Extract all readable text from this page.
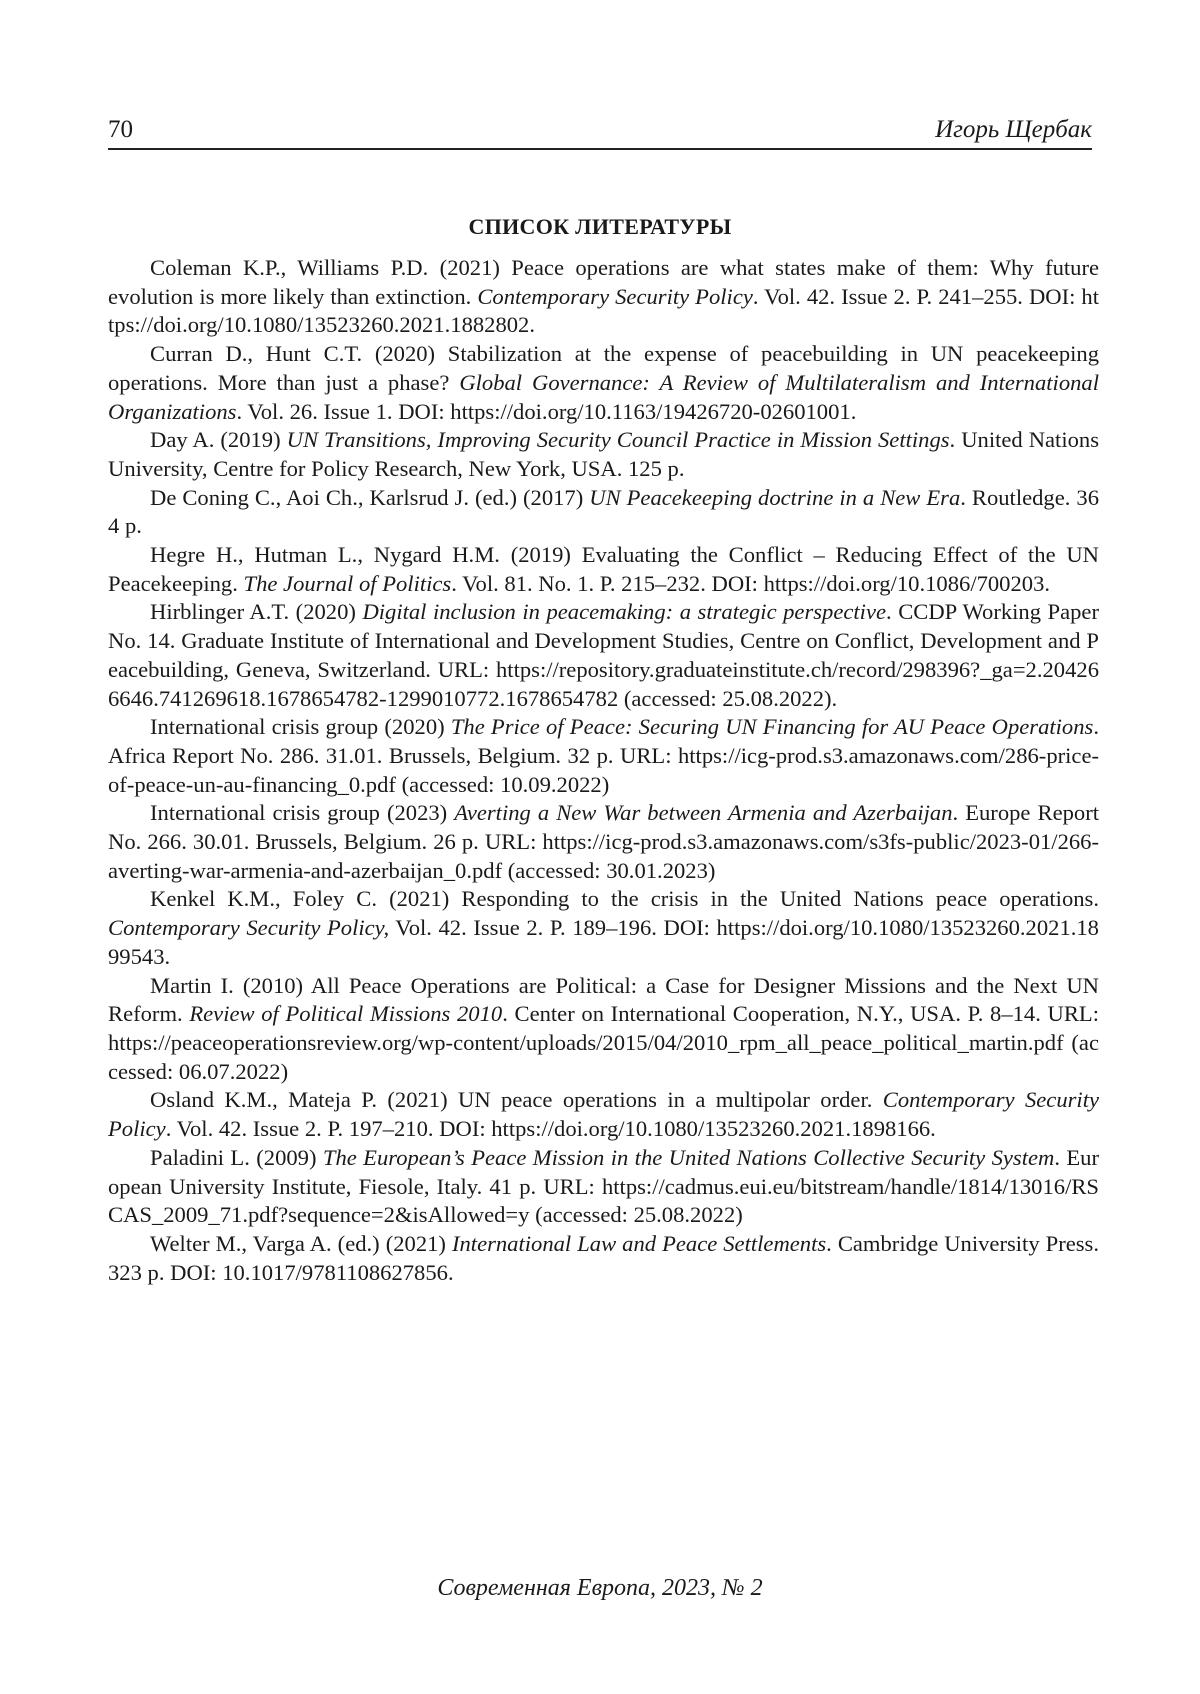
70	Игорь Щербак
СПИСОК ЛИТЕРАТУРЫ

Coleman K.P., Williams P.D. (2021) Peace operations are what states make of them: Why future evolution is more likely than extinction. Contemporary Security Policy. Vol. 42. Issue 2. P. 241–255. DOI: https://doi.org/10.1080/13523260.2021.1882802.

Curran D., Hunt C.T. (2020) Stabilization at the expense of peacebuilding in UN peacekeeping operations. More than just a phase? Global Governance: A Review of Multilateralism and International Organizations. Vol. 26. Issue 1. DOI: https://doi.org/10.1163/19426720-02601001.

Day A. (2019) UN Transitions, Improving Security Council Practice in Mission Settings. United Nations University, Centre for Policy Research, New York, USA. 125 p.

De Coning C., Aoi Ch., Karlsrud J. (ed.) (2017) UN Peacekeeping doctrine in a New Era. Routledge. 364 p.

Hegre H., Hutman L., Nygard H.M. (2019) Evaluating the Conflict – Reducing Effect of the UN Peacekeeping. The Journal of Politics. Vol. 81. No. 1. P. 215–232. DOI: https://doi.org/10.1086/700203.

Hirblinger A.T. (2020) Digital inclusion in peacemaking: a strategic perspective. CCDP Working Paper No. 14. Graduate Institute of International and Development Studies, Centre on Conflict, Development and Peacebuilding, Geneva, Switzerland. URL: https://repository.graduateinstitute.ch/record/298396?_ga=2.204266646.741269618.1678654782-1299010772.1678654782 (accessed: 25.08.2022).

International crisis group (2020) The Price of Peace: Securing UN Financing for AU Peace Operations. Africa Report No. 286. 31.01. Brussels, Belgium. 32 p. URL: https://icg-prod.s3.amazonaws.com/286-price-of-peace-un-au-financing_0.pdf (accessed: 10.09.2022)

International crisis group (2023) Averting a New War between Armenia and Azerbaijan. Europe Report No. 266. 30.01. Brussels, Belgium. 26 p. URL: https://icg-prod.s3.amazonaws.com/s3fs-public/2023-01/266-averting-war-armenia-and-azerbaijan_0.pdf (accessed: 30.01.2023)

Kenkel K.M., Foley C. (2021) Responding to the crisis in the United Nations peace operations. Contemporary Security Policy, Vol. 42. Issue 2. P. 189–196. DOI: https://doi.org/10.1080/13523260.2021.1899543.

Martin I. (2010) All Peace Operations are Political: a Case for Designer Missions and the Next UN Reform. Review of Political Missions 2010. Center on International Cooperation, N.Y., USA. P. 8–14. URL: https://peaceoperationsreview.org/wp-content/uploads/2015/04/2010_rpm_all_peace_political_martin.pdf (accessed: 06.07.2022)

Osland K.M., Mateja P. (2021) UN peace operations in a multipolar order. Contemporary Security Policy. Vol. 42. Issue 2. P. 197–210. DOI: https://doi.org/10.1080/13523260.2021.1898166.

Paladini L. (2009) The European’s Peace Mission in the United Nations Collective Security System. European University Institute, Fiesole, Italy. 41 p. URL: https://cadmus.eui.eu/bitstream/handle/1814/13016/RSCAS_2009_71.pdf?sequence=2&isAllowed=y (accessed: 25.08.2022)

Welter M., Varga A. (ed.) (2021) International Law and Peace Settlements. Cambridge University Press. 323 p. DOI: 10.1017/9781108627856.

Современная Европа, 2023, № 2
